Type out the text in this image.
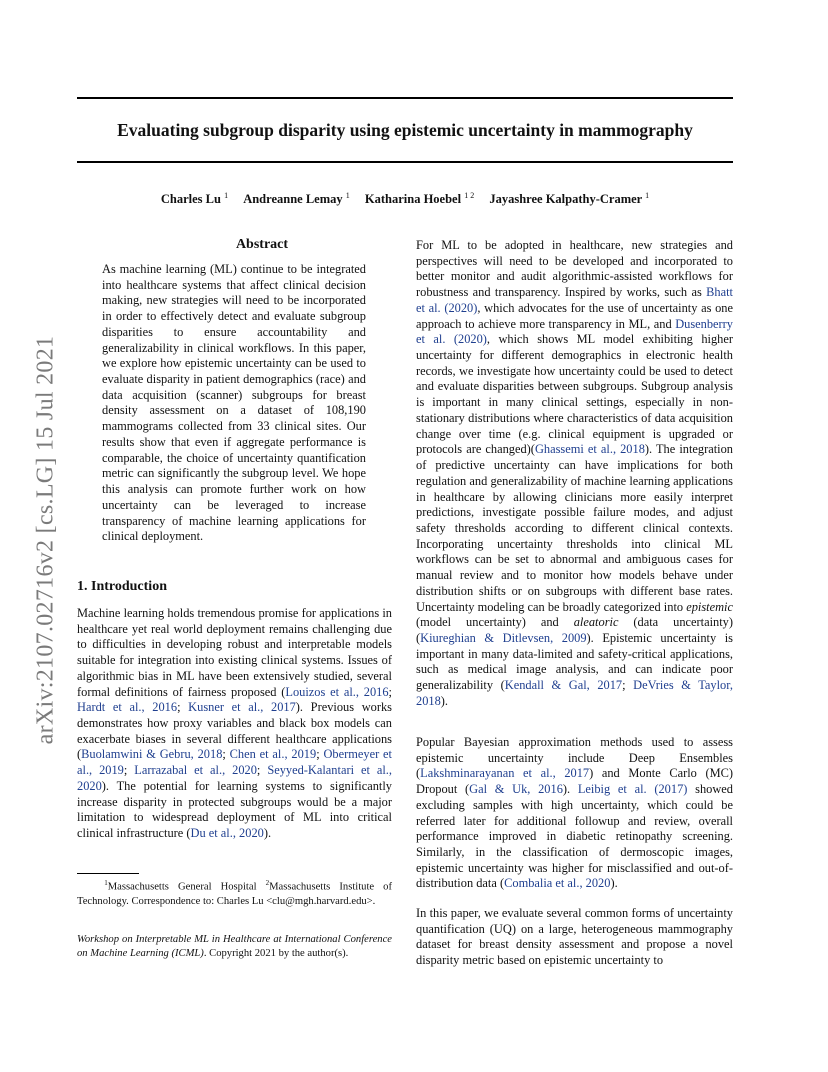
Evaluating subgroup disparity using epistemic uncertainty in mammography
Charles Lu $^1$ Andreanne Lemay $^1$ Katharina Hoebel $^{1 2}$ Jayashree Kalpathy-Cramer $^1$
arXiv:2107.02716v2 [cs.LG] 15 Jul 2021
Abstract

As machine learning (ML) continue to be integrated into healthcare systems that affect clinical decision making, new strategies will need to be incorporated in order to effectively detect and evaluate subgroup disparities to ensure accountability and generalizability in clinical workflows. In this paper, we explore how epistemic uncertainty can be used to evaluate disparity in patient demographics (race) and data acquisition (scanner) subgroups for breast density assessment on a dataset of 108,190 mammograms collected from 33 clinical sites. Our results show that even if aggregate performance is comparable, the choice of uncertainty quantification metric can significantly the subgroup level. We hope this analysis can promote further work on how uncertainty can be leveraged to increase transparency of machine learning applications for clinical deployment.

1. Introduction

Machine learning holds tremendous promise for applications in healthcare yet real world deployment remains challenging due to difficulties in developing robust and interpretable models suitable for integration into existing clinical systems. Issues of algorithmic bias in ML have been extensively studied, several formal definitions of fairness proposed (Louizos et al., 2016; Hardt et al., 2016; Kusner et al., 2017). Previous works demonstrates how proxy variables and black box models can exacerbate biases in several different healthcare applications (Buolamwini & Gebru, 2018; Chen et al., 2019; Obermeyer et al., 2019; Larrazabal et al., 2020; Seyyed-Kalantari et al., 2020). The potential for learning systems to significantly increase disparity in protected subgroups would be a major limitation to widespread deployment of ML into critical clinical infrastructure (Du et al., 2020).

$^1$Massachusetts General Hospital $^2$Massachusetts Institute of Technology. Correspondence to: Charles Lu <clu@mgh.harvard.edu>.
Workshop on Interpretable ML in Healthcare at International Conference on Machine Learning (ICML). Copyright 2021 by the author(s).

For ML to be adopted in healthcare, new strategies and perspectives will need to be developed and incorporated to better monitor and audit algorithmic-assisted workflows for robustness and transparency. Inspired by works, such as Bhatt et al. (2020), which advocates for the use of uncertainty as one approach to achieve more transparency in ML, and Dusenberry et al. (2020), which shows ML model exhibiting higher uncertainty for different demographics in electronic health records, we investigate how uncertainty could be used to detect and evaluate disparities between subgroups. Subgroup analysis is important in many clinical settings, especially in non-stationary distributions where characteristics of data acquisition change over time (e.g. clinical equipment is upgraded or protocols are changed)(Ghassemi et al., 2018). The integration of predictive uncertainty can have implications for both regulation and generalizability of machine learning applications in healthcare by allowing clinicians more easily interpret predictions, investigate possible failure modes, and adjust safety thresholds according to different clinical contexts. Incorporating uncertainty thresholds into clinical ML workflows can be set to abnormal and ambiguous cases for manual review and to monitor how models behave under distribution shifts or on subgroups with different base rates. Uncertainty modeling can be broadly categorized into epistemic (model uncertainty) and aleatoric (data uncertainty)(Kiureghian & Ditlevsen, 2009). Epistemic uncertainty is important in many data-limited and safety-critical applications, such as medical image analysis, and can indicate poor generalizability (Kendall & Gal, 2017; DeVries & Taylor, 2018).

Popular Bayesian approximation methods used to assess epistemic uncertainty include Deep Ensembles (Lakshminarayanan et al., 2017) and Monte Carlo (MC) Dropout (Gal & Uk, 2016). Leibig et al. (2017) showed excluding samples with high uncertainty, which could be referred later for additional followup and review, overall performance improved in diabetic retinopathy screening. Similarly, in the classification of dermoscopic images, epistemic uncertainty was higher for misclassified and out-of-distribution data (Combalia et al., 2020).

In this paper, we evaluate several common forms of uncertainty quantification (UQ) on a large, heterogeneous mammography dataset for breast density assessment and propose a novel disparity metric based on epistemic uncertainty to
